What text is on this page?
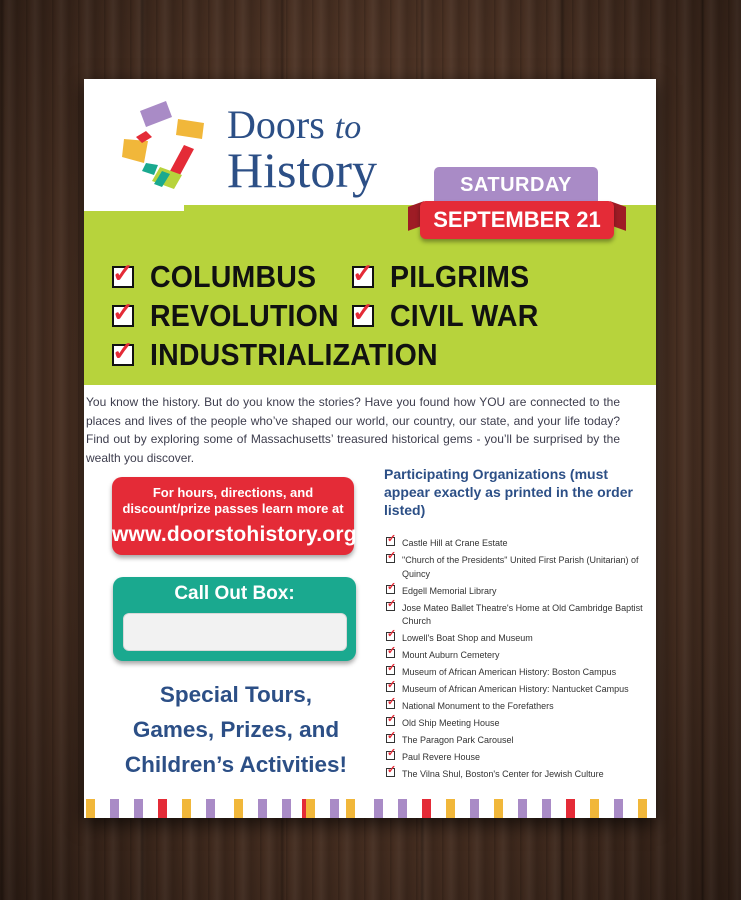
Doors to
History	SATURDAY
SEPTEMBER 21
✓ COLUMBUS ✓ PILGRIMS
✓ REVOLUTION ✓ CIVIL WAR
✓ INDUSTRIALIZATION

You know the history. But do you know the stories? Have you found how YOU are connected to the places and lives of the people who’ve shaped our world, our country, our state, and your life today? Find out by exploring some of Massachusetts’ treasured historical gems - you’ll be surprised by the wealth you discover.

For hours, directions, and discount/prize passes learn more at
www.doorstohistory.org
Call Out Box:
Special Tours,
Games, Prizes, and
Children’s Activities!
Participating Organizations (must appear exactly as printed in the order listed)
✓
Castle Hill at Crane Estate
✓
"Church of the Presidents" United First Parish (Unitarian) of Quincy
✓
Edgell Memorial Library
✓
Jose Mateo Ballet Theatre's Home at Old Cambridge Baptist Church
✓
Lowell's Boat Shop and Museum
✓
Mount Auburn Cemetery
✓
Museum of African American History: Boston Campus
✓
Museum of African American History: Nantucket Campus
✓
National Monument to the Forefathers
✓
Old Ship Meeting House
✓
The Paragon Park Carousel
✓
Paul Revere House
✓
The Vilna Shul, Boston's Center for Jewish Culture
